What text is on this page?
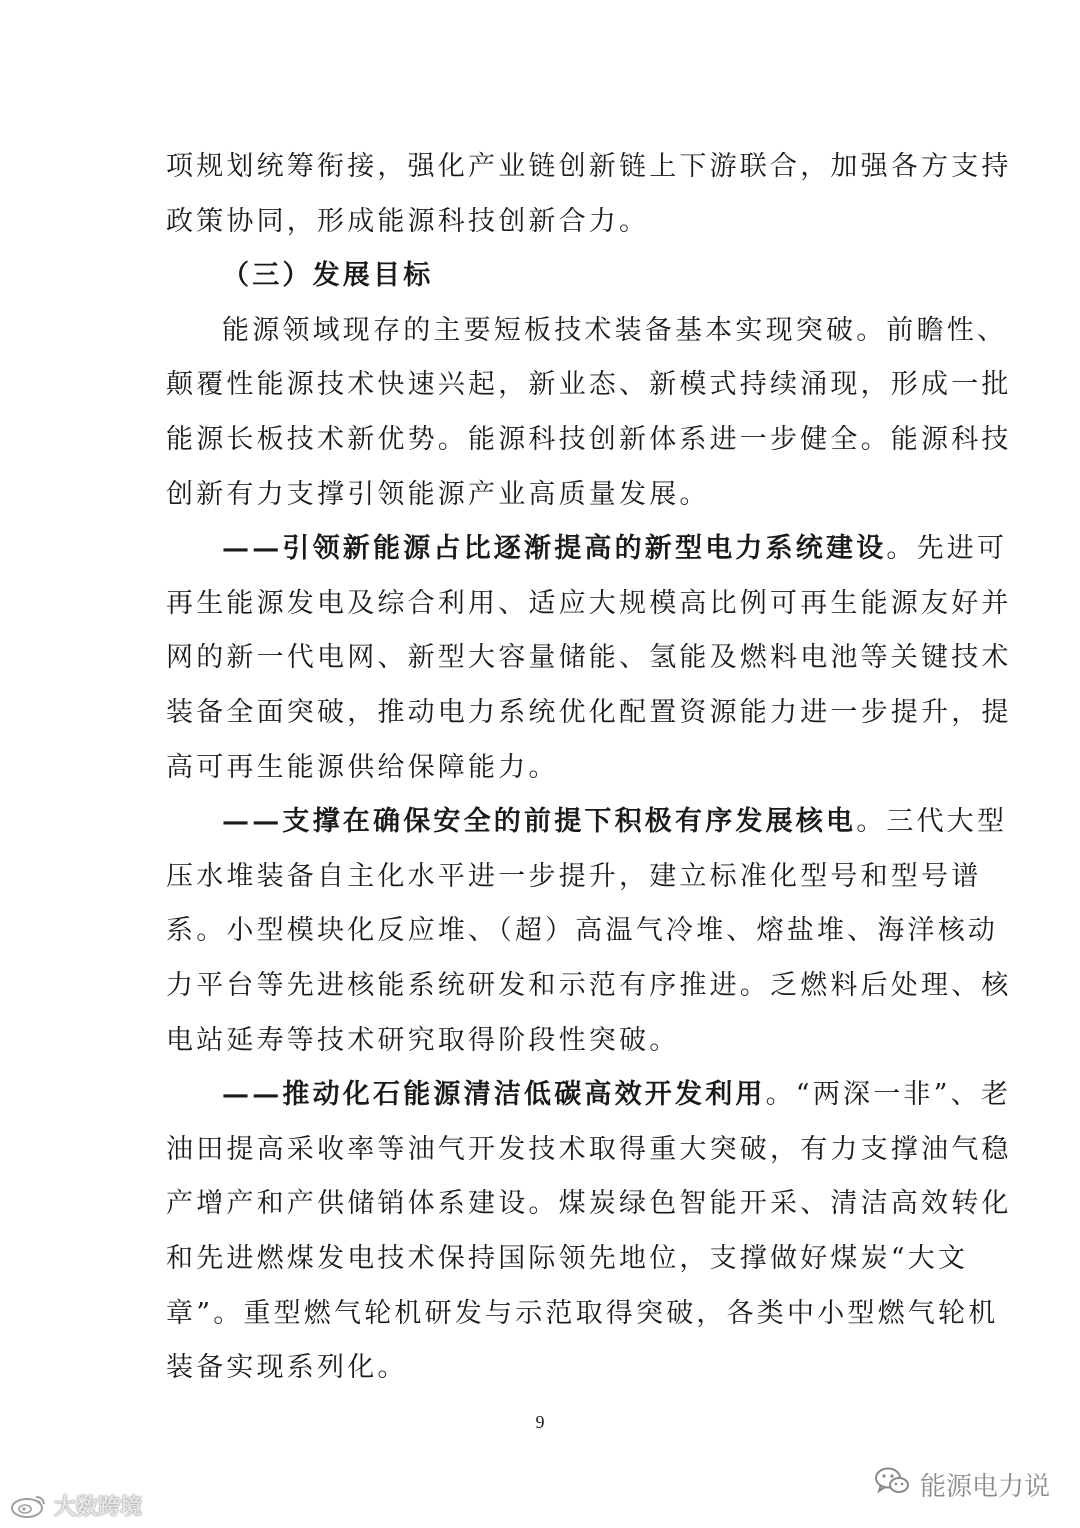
项规划统筹衔接，强化产业链创新链上下游联合，加强各方支持
政策协同，形成能源科技创新合力。
（三）发展目标
能源领域现存的主要短板技术装备基本实现突破。前瞻性、
颠覆性能源技术快速兴起，新业态、新模式持续涌现，形成一批
能源长板技术新优势。能源科技创新体系进一步健全。能源科技
创新有力支撑引领能源产业高质量发展。
——引领新能源占比逐渐提高的新型电力系统建设。先进可
再生能源发电及综合利用、适应大规模高比例可再生能源友好并
网的新一代电网、新型大容量储能、氢能及燃料电池等关键技术
装备全面突破，推动电力系统优化配置资源能力进一步提升，提
高可再生能源供给保障能力。
——支撑在确保安全的前提下积极有序发展核电。三代大型
压水堆装备自主化水平进一步提升，建立标准化型号和型号谱
系。小型模块化反应堆、（超）高温气冷堆、熔盐堆、海洋核动
力平台等先进核能系统研发和示范有序推进。乏燃料后处理、核
电站延寿等技术研究取得阶段性突破。
——推动化石能源清洁低碳高效开发利用。“两深一非”、老
油田提高采收率等油气开发技术取得重大突破，有力支撑油气稳
产增产和产供储销体系建设。煤炭绿色智能开采、清洁高效转化
和先进燃煤发电技术保持国际领先地位，支撑做好煤炭“大文
章”。重型燃气轮机研发与示范取得突破，各类中小型燃气轮机
装备实现系列化。
9
大数跨境
能源电力说
